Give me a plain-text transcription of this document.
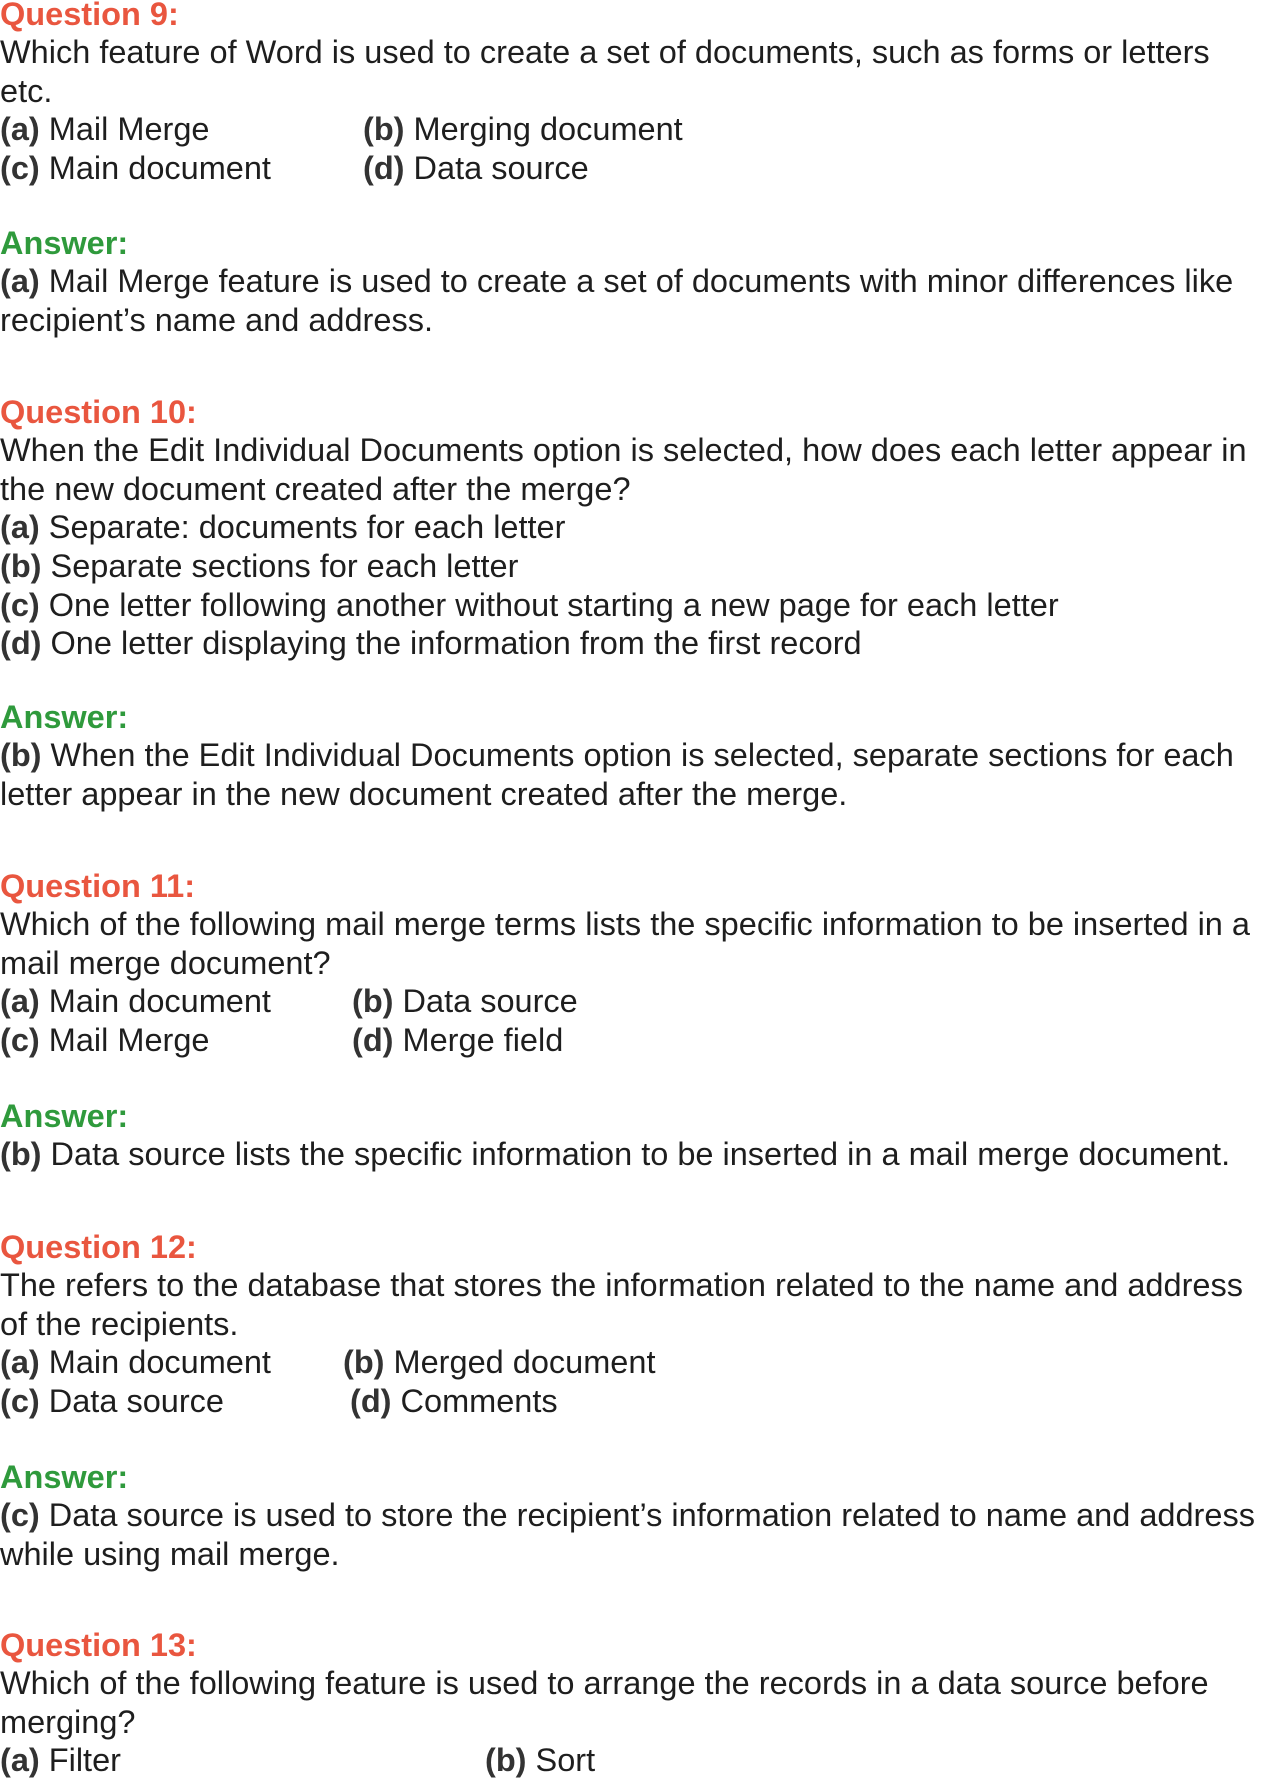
Question 9:
Which feature of Word is used to create a set of documents, such as forms or letters
etc.
(a) Mail Merge	(b) Merging document
(c) Main document	(d) Data source
Answer:
(a) Mail Merge feature is used to create a set of documents with minor differences like
recipient’s name and address.
Question 10:
When the Edit Individual Documents option is selected, how does each letter appear in
the new document created after the merge?
(a) Separate: documents for each letter
(b) Separate sections for each letter
(c) One letter following another without starting a new page for each letter
(d) One letter displaying the information from the first record
Answer:
(b) When the Edit Individual Documents option is selected, separate sections for each
letter appear in the new document created after the merge.
Question 11:
Which of the following mail merge terms lists the specific information to be inserted in a
mail merge document?
(a) Main document (b) Data source
(c) Mail Merge	(d) Merge field
Answer:
(b) Data source lists the specific information to be inserted in a mail merge document.
Question 12:
The refers to the database that stores the information related to the name and address
of the recipients.
(a) Main document (b) Merged document
(c) Data source	(d) Comments
Answer:
(c) Data source is used to store the recipient’s information related to name and address
while using mail merge.
Question 13:
Which of the following feature is used to arrange the records in a data source before
merging?
(a) Filter	(b) Sort
